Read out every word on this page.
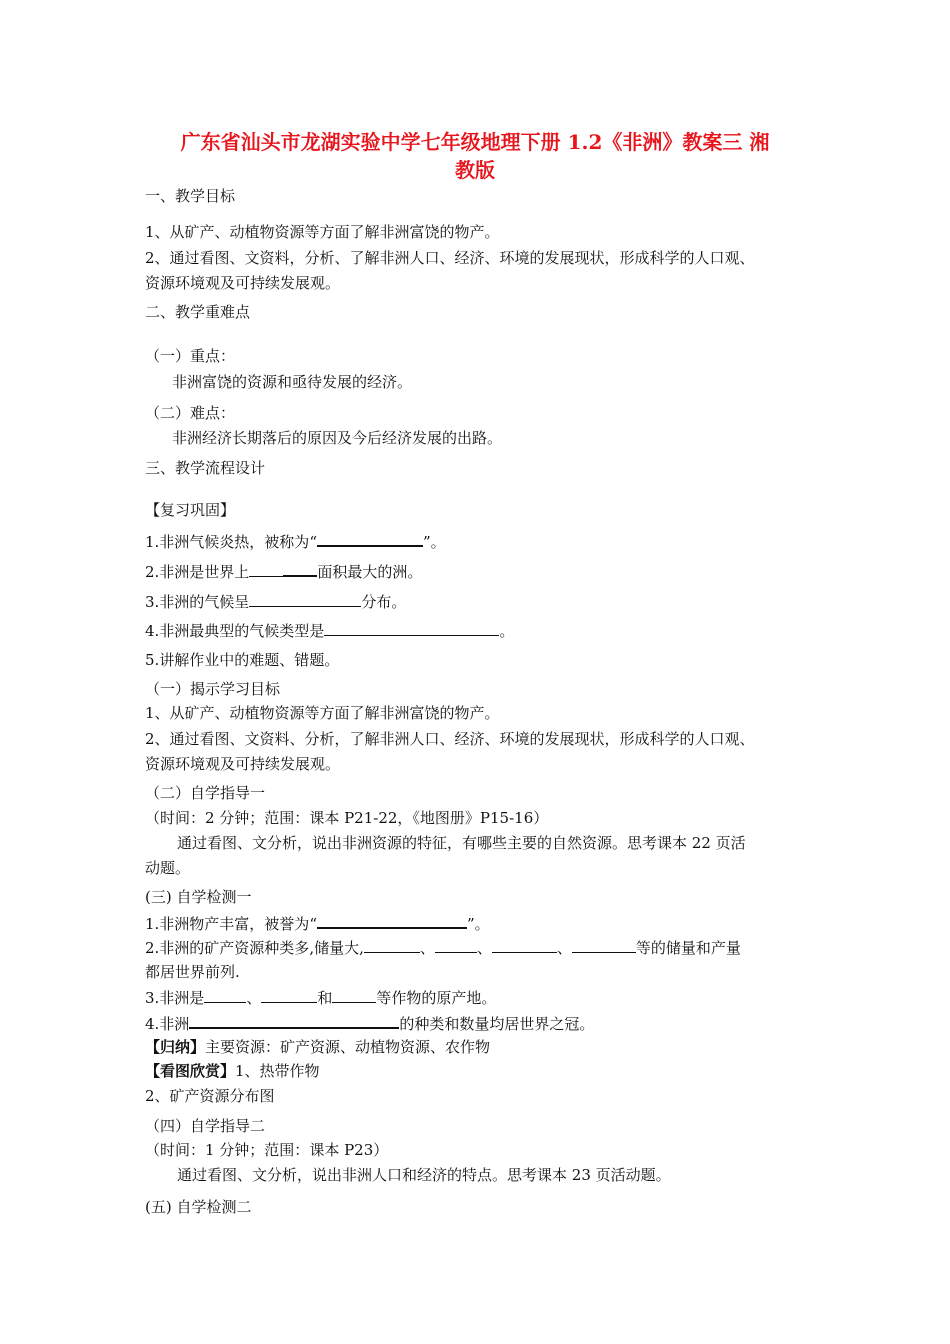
广东省汕头市龙湖实验中学七年级地理下册 1.2《非洲》教案三 湘
教版
一、教学目标
1、从矿产、动植物资源等方面了解非洲富饶的物产。
2、通过看图、文资料，分析、了解非洲人口、经济、环境的发展现状，形成科学的人口观、
资源环境观及可持续发展观。
二、教学重难点
（一）重点：
非洲富饶的资源和亟待发展的经济。
（二）难点：
非洲经济长期落后的原因及今后经济发展的出路。
三、教学流程设计
【复习巩固】
1.非洲气候炎热，被称为“	”。
2.非洲是世界上	面积最大的洲。
3.非洲的气候呈	分布。
4.非洲最典型的气候类型是	。
5.讲解作业中的难题、错题。
（一）揭示学习目标
1、从矿产、动植物资源等方面了解非洲富饶的物产。
2、通过看图、文资料、分析，了解非洲人口、经济、环境的发展现状，形成科学的人口观、
资源环境观及可持续发展观。
（二）自学指导一
（时间：2 分钟；范围：课本 P21-22，《地图册》P15-16）
通过看图、文分析，说出非洲资源的特征，有哪些主要的自然资源。思考课本 22 页活
动题。
(三) 自学检测一
1.非洲物产丰富，被誉为“	”。
2.非洲的矿产资源种类多,储量大,	、	、	、	等的储量和产量
都居世界前列.
3.非洲是	、	和	等作物的原产地。
4.非洲	的种类和数量均居世界之冠。
【归纳】主要资源：矿产资源、动植物资源、农作物
【看图欣赏】1、热带作物
2、矿产资源分布图
（四）自学指导二
（时间：1 分钟；范围：课本 P23）
通过看图、文分析，说出非洲人口和经济的特点。思考课本 23 页活动题。
(五) 自学检测二
